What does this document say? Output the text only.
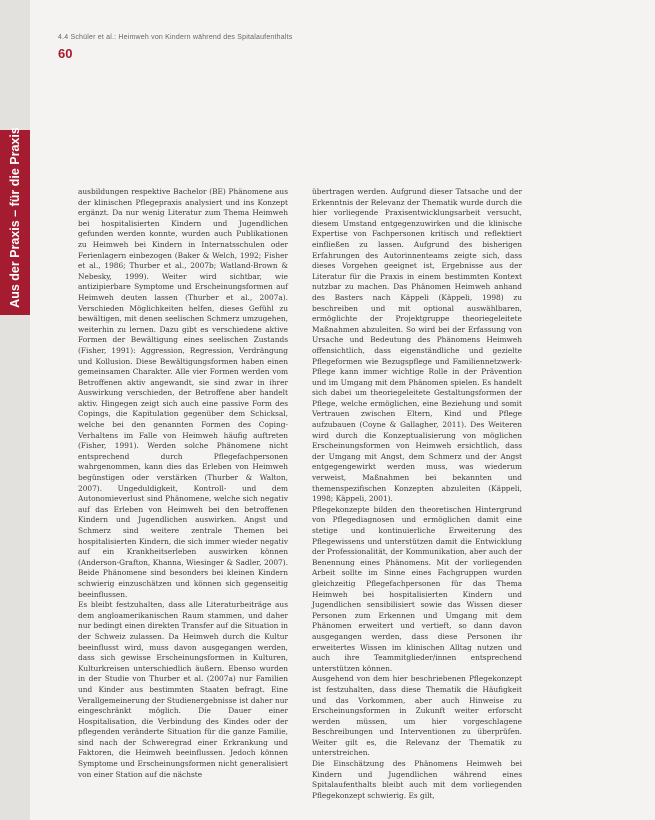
Aus der Praxis – für die Praxis
4.4 Schüler et al.: Heimweh von Kindern während des Spitalaufenthalts
60

ausbildungen respektive Bachelor (BE) Phänomene aus der klinischen Pflegepraxis analysiert und ins Konzept ergänzt. Da nur wenig Literatur zum Thema Heimweh bei hospitalisierten Kindern und Jugendlichen gefunden werden konnte, wurden auch Publikationen zu Heimweh bei Kindern in Internatsschulen oder Ferienlagern einbezogen (Baker & Welch, 1992; Fisher et al., 1986; Thurber et al., 2007b; Watland-Brown & Nebesky, 1999). Weiter wird sichtbar, wie antizipierbare Symptome und Erscheinungsformen auf Heimweh deuten lassen (Thurber et al., 2007a). Verschieden Möglichkeiten helfen, dieses Gefühl zu bewältigen, mit denen seelischen Schmerz umzugehen, weiterhin zu lernen. Dazu gibt es verschiedene aktive Formen der Bewältigung eines seelischen Zustands (Fisher, 1991): Aggression, Regression, Verdrängung und Kollusion. Diese Bewältigungsformen haben einen gemeinsamen Charakter. Alle vier Formen werden vom Betroffenen aktiv angewandt, sie sind zwar in ihrer Auswirkung verschieden, der Betroffene aber handelt aktiv. Hingegen zeigt sich auch eine passive Form des Copings, die Kapitulation gegenüber dem Schicksal, welche bei den genannten Formen des Coping-Verhaltens im Falle von Heimweh häufig auftreten (Fisher, 1991). Werden solche Phänomene nicht entsprechend durch Pflegefachpersonen wahrgenommen, kann dies das Erleben von Heimweh begünstigen oder verstärken (Thurber & Walton, 2007). Ungeduldigkeit, Kontroll- und dem Autonomieverlust sind Phänomene, welche sich negativ auf das Erleben von Heimweh bei den betroffenen Kindern und Jugendlichen auswirken. Angst und Schmerz sind weitere zentrale Themen bei hospitalisierten Kindern, die sich immer wieder negativ auf ein Krankheitserleben auswirken können (Anderson-Grafton, Khanna, Wiesinger & Sadler, 2007). Beide Phänomene sind besonders bei kleinen Kindern schwierig einzuschätzen und können sich gegenseitig beeinflussen.

Es bleibt festzuhalten, dass alle Literaturbeiträge aus dem angloamerikanischen Raum stammen, und daher nur bedingt einen direkten Transfer auf die Situation in der Schweiz zulassen. Da Heimweh durch die Kultur beeinflusst wird, muss davon ausgegangen werden, dass sich gewisse Erscheinungsformen in Kulturen, Kulturkreisen unterschiedlich äußern. Ebenso wurden in der Studie von Thurber et al. (2007a) nur Familien und Kinder aus bestimmten Staaten befragt. Eine Verallgemeinerung der Studienergebnisse ist daher nur eingeschränkt möglich. Die Dauer einer Hospitalisation, die Verbindung des Kindes oder der pflegenden veränderte Situation für die ganze Familie, sind nach der Schweregrad einer Erkrankung und Faktoren, die Heimweh beeinflussen. Jedoch können Symptome und Erscheinungsformen nicht generalisiert von einer Station auf die nächste

übertragen werden. Aufgrund dieser Tatsache und der Erkenntnis der Relevanz der Thematik wurde durch die hier vorliegende Praxisentwicklungsarbeit versucht, diesem Umstand entgegenzuwirken und die klinische Expertise von Fachpersonen kritisch und reflektiert einfließen zu lassen. Aufgrund des bisherigen Erfahrungen des Autorinnenteams zeigte sich, dass dieses Vorgehen geeignet ist, Ergebnisse aus der Literatur für die Praxis in einem bestimmten Kontext nutzbar zu machen. Das Phänomen Heimweh anhand des Basters nach Käppeli (Käppeli, 1998) zu beschreiben und mit optional auswählbaren, ermöglichte der Projektgruppe theoriegeleitete Maßnahmen abzuleiten. So wird bei der Erfassung von Ursache und Bedeutung des Phänomens Heimweh offensichtlich, dass eigenständliche und gezielte Pflegeformen wie Bezugspflege und Familiennetzwerk-Pflege kann immer wichtige Rolle in der Prävention und im Umgang mit dem Phänomen spielen. Es handelt sich dabei um theoriegeleitete Gestaltungsformen der Pflege, welche ermöglichen, eine Beziehung und somit Vertrauen zwischen Eltern, Kind und Pflege aufzubauen (Coyne & Gallagher, 2011). Des Weiteren wird durch die Konzeptualisierung von möglichen Erscheinungsformen von Heimweh ersichtlich, dass der Umgang mit Angst, dem Schmerz und der Angst entgegengewirkt werden muss, was wiederum verweist, Maßnahmen bei bekannten und themenspezifischen Konzepten abzuleiten (Käppeli, 1998; Käppeli, 2001).

Pflegekonzepte bilden den theoretischen Hintergrund von Pflegediagnosen und ermöglichen damit eine stetige und kontinuierliche Erweiterung des Pflegewissens und unterstützen damit die Entwicklung der Professionalität, der Kommunikation, aber auch der Benennung eines Phänomens. Mit der vorliegenden Arbeit sollte im Sinne eines Fachgruppen wurden gleichzeitig Pflegefachpersonen für das Thema Heimweh bei hospitalisierten Kindern und Jugendlichen sensibilisiert sowie das Wissen dieser Personen zum Erkennen und Umgang mit dem Phänomen erweitert und vertieft, so dann davon ausgegangen werden, dass diese Personen ihr erweitertes Wissen im klinischen Alltag nutzen und auch ihre Teammitglieder/innen entsprechend unterstützen können.

Ausgehend von dem hier beschriebenen Pflegekonzept ist festzuhalten, dass diese Thematik die Häufigkeit und das Vorkommen, aber auch Hinweise zu Erscheinungsformen in Zukunft weiter erforscht werden müssen, um hier vorgeschlagene Beschreibungen und Interventionen zu überprüfen. Weiter gilt es, die Relevanz der Thematik zu unterstreichen.

Die Einschätzung des Phänomens Heimweh bei Kindern und Jugendlichen während eines Spitalaufenthalts bleibt auch mit dem vorliegenden Pflegekonzept schwierig. Es gilt,
